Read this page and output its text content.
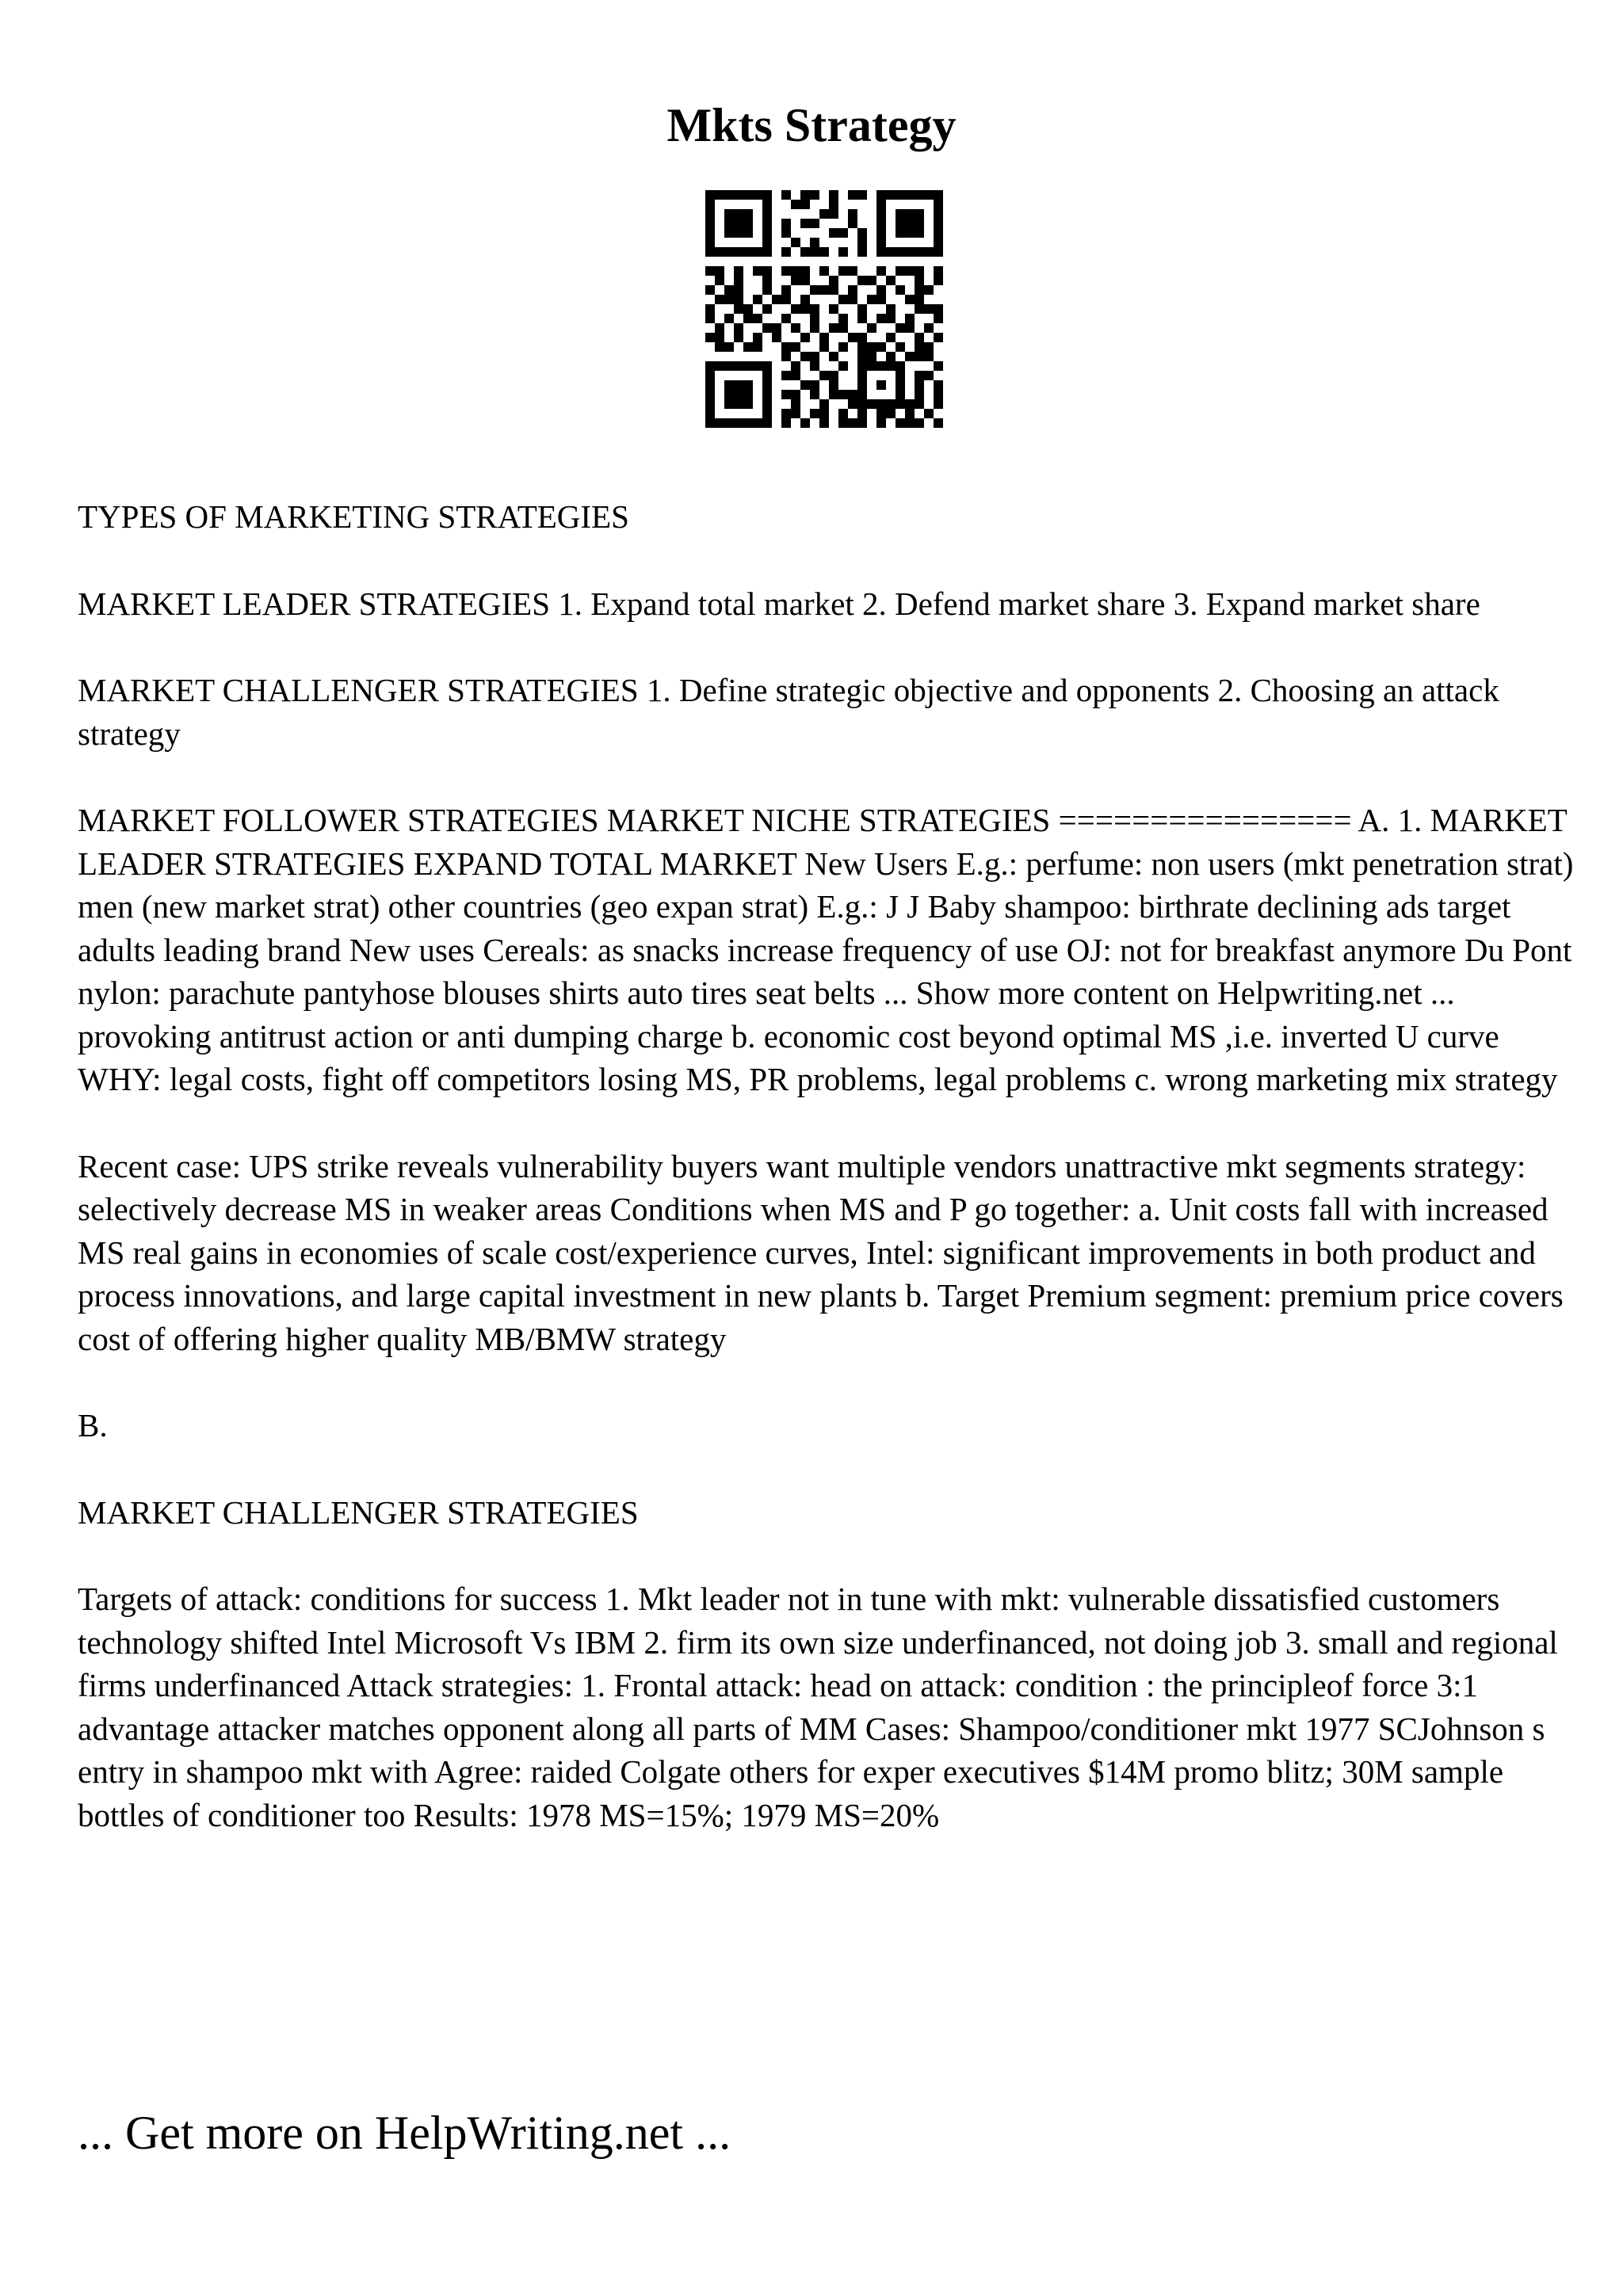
Mkts Strategy

TYPES OF MARKETING STRATEGIES

MARKET LEADER STRATEGIES 1. Expand total market 2. Defend market share 3. Expand market share

MARKET CHALLENGER STRATEGIES 1. Define strategic objective and opponents 2. Choosing an attack strategy

MARKET FOLLOWER STRATEGIES MARKET NICHE STRATEGIES ================ A. 1. MARKET LEADER STRATEGIES EXPAND TOTAL MARKET New Users E.g.: perfume: non users (mkt penetration strat) men (new market strat) other countries (geo expan strat) E.g.: J J Baby shampoo: birthrate declining ads target adults leading brand New uses Cereals: as snacks increase frequency of use OJ: not for breakfast anymore Du Pont nylon: parachute pantyhose blouses shirts auto tires seat belts ... Show more content on Helpwriting.net ... provoking antitrust action or anti dumping charge b. economic cost beyond optimal MS ,i.e. inverted U curve WHY: legal costs, fight off competitors losing MS, PR problems, legal problems c. wrong marketing mix strategy

Recent case: UPS strike reveals vulnerability buyers want multiple vendors unattractive mkt segments strategy: selectively decrease MS in weaker areas Conditions when MS and P go together: a. Unit costs fall with increased MS real gains in economies of scale cost/experience curves, Intel: significant improvements in both product and process innovations, and large capital investment in new plants b. Target Premium segment: premium price covers cost of offering higher quality MB/BMW strategy

B.

MARKET CHALLENGER STRATEGIES

Targets of attack: conditions for success 1. Mkt leader not in tune with mkt: vulnerable dissatisfied customers technology shifted Intel Microsoft Vs IBM 2. firm its own size underfinanced, not doing job 3. small and regional firms underfinanced Attack strategies: 1. Frontal attack: head on attack: condition : the principleof force 3:1 advantage attacker matches opponent along all parts of MM Cases: Shampoo/conditioner mkt 1977 SCJohnson s entry in shampoo mkt with Agree: raided Colgate others for exper executives $14M promo blitz; 30M sample bottles of conditioner too Results: 1978 MS=15%; 1979 MS=20%

... Get more on HelpWriting.net ...
